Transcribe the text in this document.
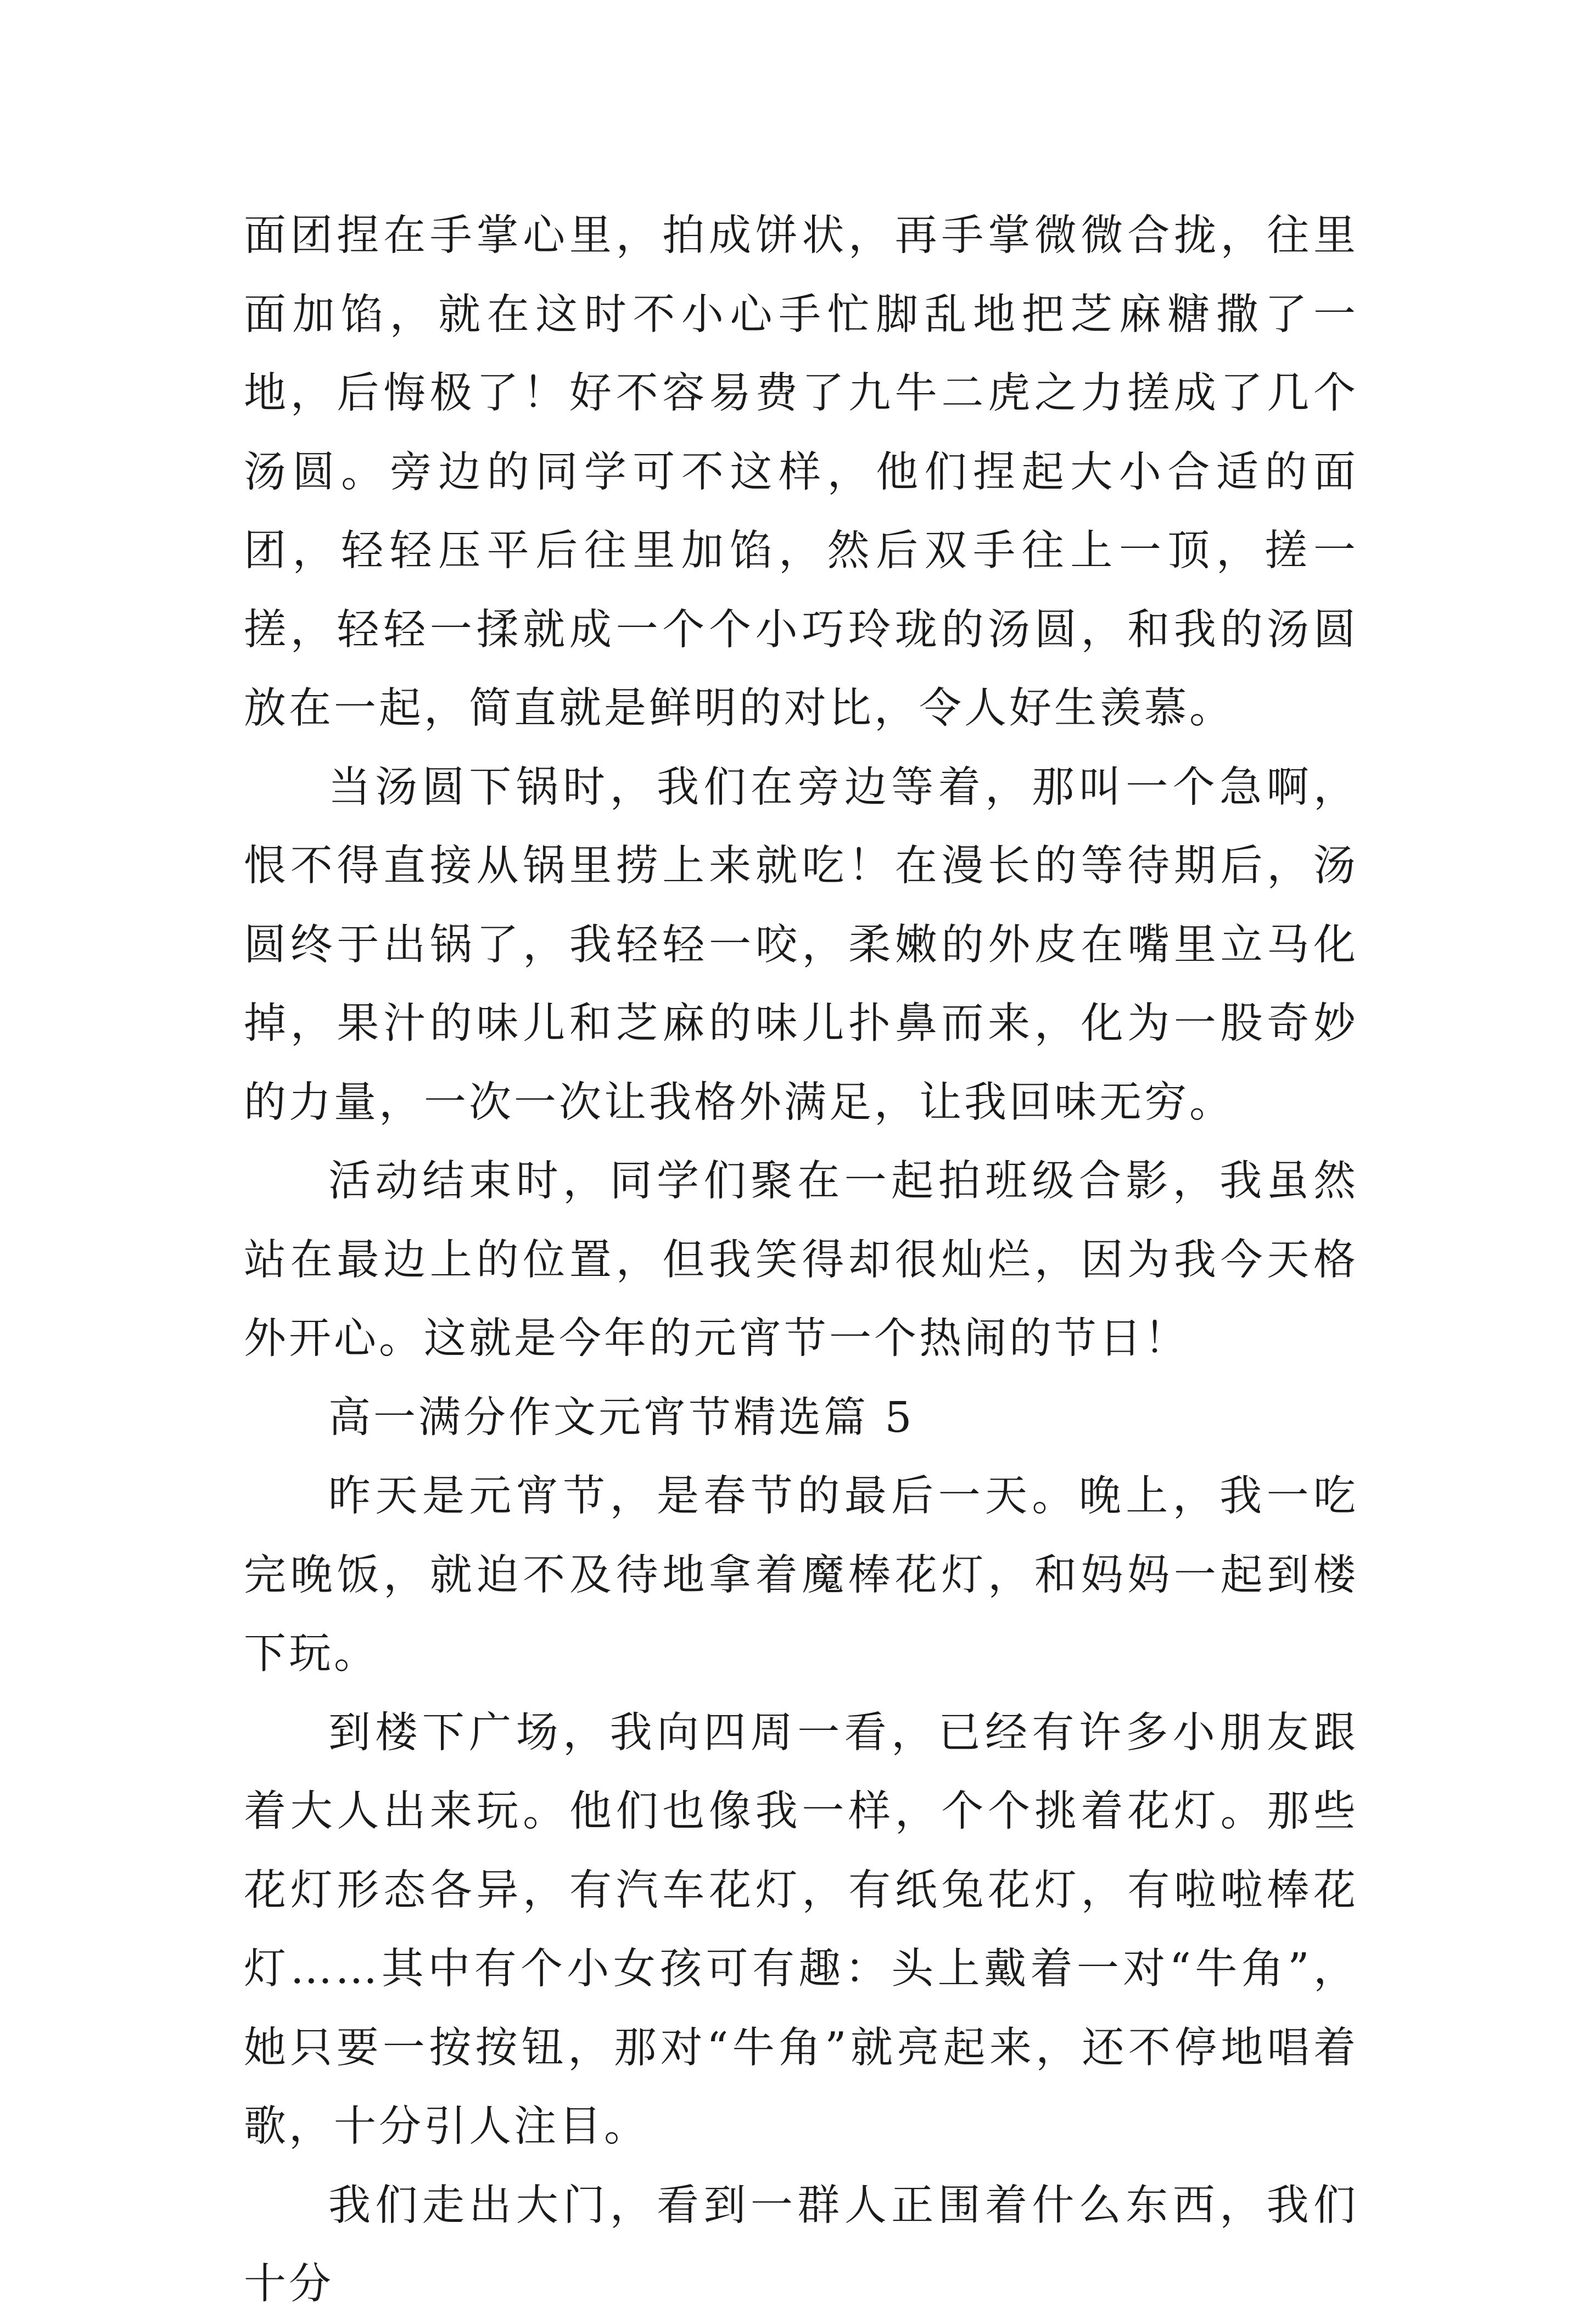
面团捏在手掌心里，拍成饼状，再手掌微微合拢，往里面加馅，就在这时不小心手忙脚乱地把芝麻糖撒了一地，后悔极了！好不容易费了九牛二虎之力搓成了几个汤圆。旁边的同学可不这样，他们捏起大小合适的面团，轻轻压平后往里加馅，然后双手往上一顶，搓一搓，轻轻一揉就成一个个小巧玲珑的汤圆，和我的汤圆放在一起，简直就是鲜明的对比，令人好生羡慕。

当汤圆下锅时，我们在旁边等着，那叫一个急啊，恨不得直接从锅里捞上来就吃！在漫长的等待期后，汤圆终于出锅了，我轻轻一咬，柔嫩的外皮在嘴里立马化掉，果汁的味儿和芝麻的味儿扑鼻而来，化为一股奇妙的力量，一次一次让我格外满足，让我回味无穷。

活动结束时，同学们聚在一起拍班级合影，我虽然站在最边上的位置，但我笑得却很灿烂，因为我今天格外开心。这就是今年的元宵节一个热闹的节日！

高一满分作文元宵节精选篇 5

昨天是元宵节，是春节的最后一天。晚上，我一吃完晚饭，就迫不及待地拿着魔棒花灯，和妈妈一起到楼下玩。

到楼下广场，我向四周一看，已经有许多小朋友跟着大人出来玩。他们也像我一样，个个挑着花灯。那些花灯形态各异，有汽车花灯，有纸兔花灯，有啦啦棒花灯……其中有个小女孩可有趣：头上戴着一对“牛角”，她只要一按按钮，那对“牛角”就亮起来，还不停地唱着歌，十分引人注目。

我们走出大门，看到一群人正围着什么东西，我们十分
